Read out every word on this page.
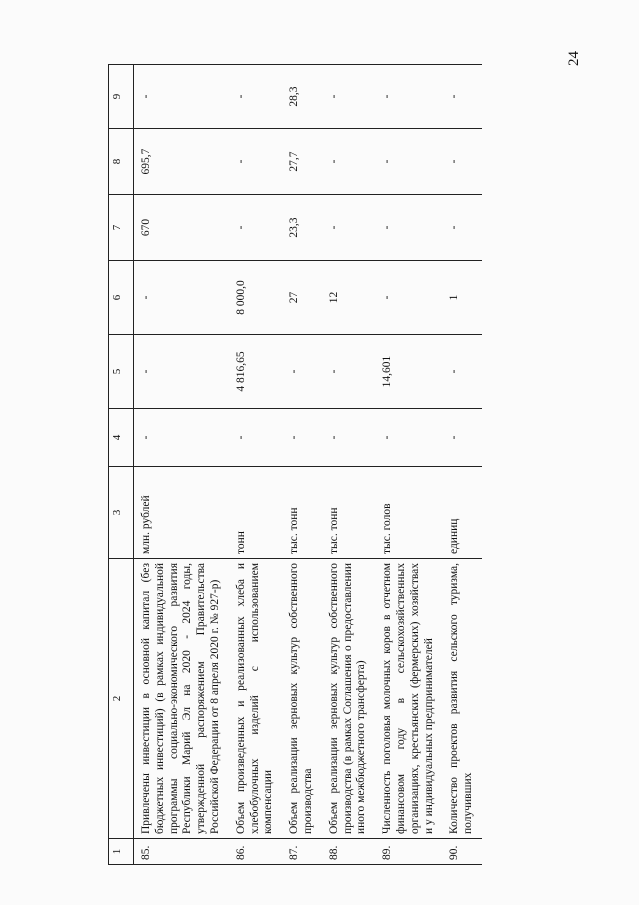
24
1	2	3	4	5	6	7	8	9
85.	Привлечены инвестиции в основной капитал (без бюджетных инвестиций) (в рамках индивидуальной программы социально-экономического развития Республики Марий Эл на 2020 - 2024 годы, утвержденной распоряжением Правительства Российской Федерации от 8 апреля 2020 г. № 927-р)	млн. рублей	-	-	-	670	695,7	-
86.	Объем произведенных и реализованных хлеба и хлебобулочных изделий с использованием компенсации	тонн	-	4 816,65	8 000,0	-	-	-
87.	Объем реализации зерновых культур собственного производства	тыс. тонн	-	-	27	23,3	27,7	28,3
88.	Объем реализации зерновых культур собственного производства (в рамках Соглашения о предоставлении иного межбюджетного трансферта)	тыс. тонн	-	-	12	-	-	-
89.	Численность поголовья молочных коров в отчетном финансовом году в сельскохозяйственных организациях, крестьянских (фермерских) хозяйствах и у индивидуальных предпринимателей	тыс. голов	-	14,601	-	-	-	-
90.	Количество проектов развития сельского туризма, получивших	единиц	-	-	1	-	-	-
